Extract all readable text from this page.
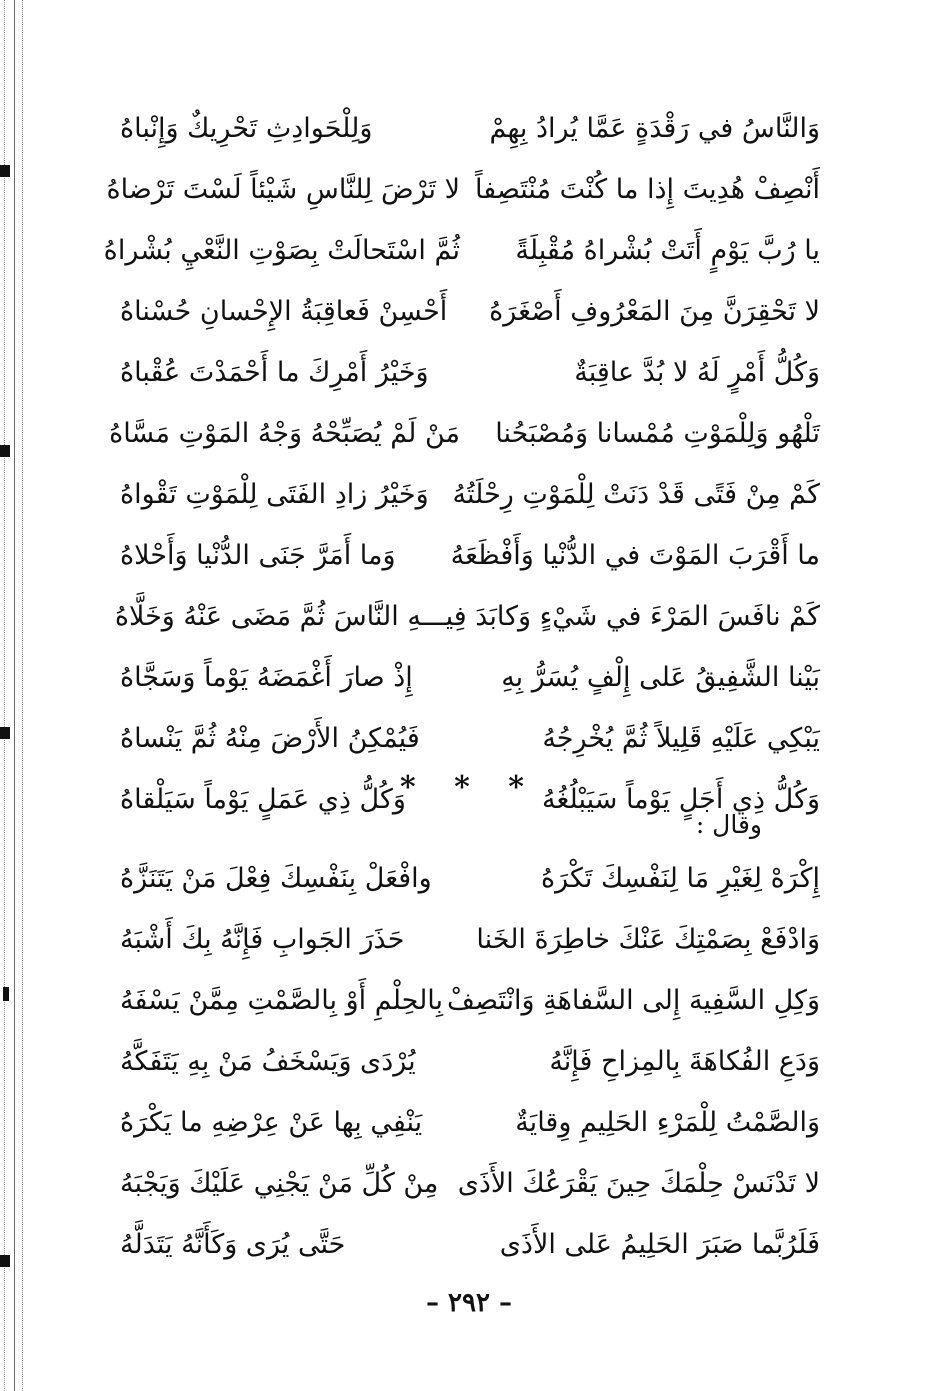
وَالنَّاسُ في رَقْدَةٍ عَمَّا يُرادُ بِهِمْ
وَلِلْحَوادِثِ تَحْرِيكٌ وَإِنْباهُ
أَنْصِفْ هُدِيتَ إِذا ما كُنْتَ مُنْتَصِفاً
لا تَرْضَ لِلنَّاسِ شَيْئاً لَسْتَ تَرْضاهُ
يا رُبَّ يَوْمٍ أَتَتْ بُشْراهُ مُقْبِلَةً
ثُمَّ اسْتَحالَتْ بِصَوْتِ النَّعْيِ بُشْراهُ
لا تَحْقِرَنَّ مِنَ المَعْرُوفِ أَصْغَرَهُ
أَحْسِنْ فَعاقِبَةُ الإِحْسانِ حُسْناهُ
وَكُلُّ أَمْرٍ لَهُ لا بُدَّ عاقِبَةٌ
وَخَيْرُ أَمْرِكَ ما أَحْمَدْتَ عُقْباهُ
تَلْهُو وَلِلْمَوْتِ مُمْسانا وَمُصْبَحُنا
مَنْ لَمْ يُصَبِّحْهُ وَجْهُ المَوْتِ مَسَّاهُ
كَمْ مِنْ فَتًى قَدْ دَنَتْ لِلْمَوْتِ رِحْلَتُهُ
وَخَيْرُ زادِ الفَتَى لِلْمَوْتِ تَقْواهُ
ما أَقْرَبَ المَوْتَ في الدُّنْيا وَأَفْظَعَهُ
وَما أَمَرَّ جَنَى الدُّنْيا وَأَحْلاهُ
كَمْ نافَسَ المَرْءَ في شَيْءٍ وَكابَدَ فِيـــهِ النَّاسَ ثُمَّ مَضَى عَنْهُ وَخَلَّاهُ
بَيْنا الشَّفِيقُ عَلى إِلْفٍ يُسَرُّ بِهِ
إِذْ صارَ أَغْمَضَهُ يَوْماً وَسَجَّاهُ
يَبْكِي عَلَيْهِ قَلِيلاً ثُمَّ يُخْرِجُهُ
فَيُمْكِنُ الأَرْضَ مِنْهُ ثُمَّ يَنْساهُ
وَكُلُّ ذِي أَجَلٍ يَوْماً سَيَبْلُغُهُ
وَكُلُّ ذِي عَمَلٍ يَوْماً سَيَلْقاهُ
* * *
وقال :
إِكْرَهْ لِغَيْرِ مَا لِنَفْسِكَ تَكْرَهُ
وافْعَلْ بِنَفْسِكَ فِعْلَ مَنْ يَتَنَزَّهُ
وَادْفَعْ بِصَمْتِكَ عَنْكَ خاطِرَةَ الخَنا
حَذَرَ الجَوابِ فَإِنَّهُ بِكَ أَشْبَهُ
وَكِلِ السَّفِيهَ إِلى السَّفاهَةِ وَانْتَصِفْ
بِالحِلْمِ أَوْ بِالصَّمْتِ مِمَّنْ يَسْفَهُ
وَدَعِ الفُكاهَةَ بِالمِزاحِ فَإِنَّهُ
يُرْدَى وَيَسْخَفُ مَنْ بِهِ يَتَفَكَّهُ
وَالصَّمْتُ لِلْمَرْءِ الحَلِيمِ وِقايَةٌ
يَنْفِي بِها عَنْ عِرْضِهِ ما يَكْرَهُ
لا تَدْنَسْ حِلْمَكَ حِينَ يَقْرَعُكَ الأَذَى
مِنْ كُلِّ مَنْ يَجْنِي عَلَيْكَ وَيَجْبَهُ
فَلَرُبَّما صَبَرَ الحَلِيمُ عَلى الأَذَى
حَتَّى يُرَى وَكَأَنَّهُ يَتَدَلَّهُ
– ٢٩٢ –
